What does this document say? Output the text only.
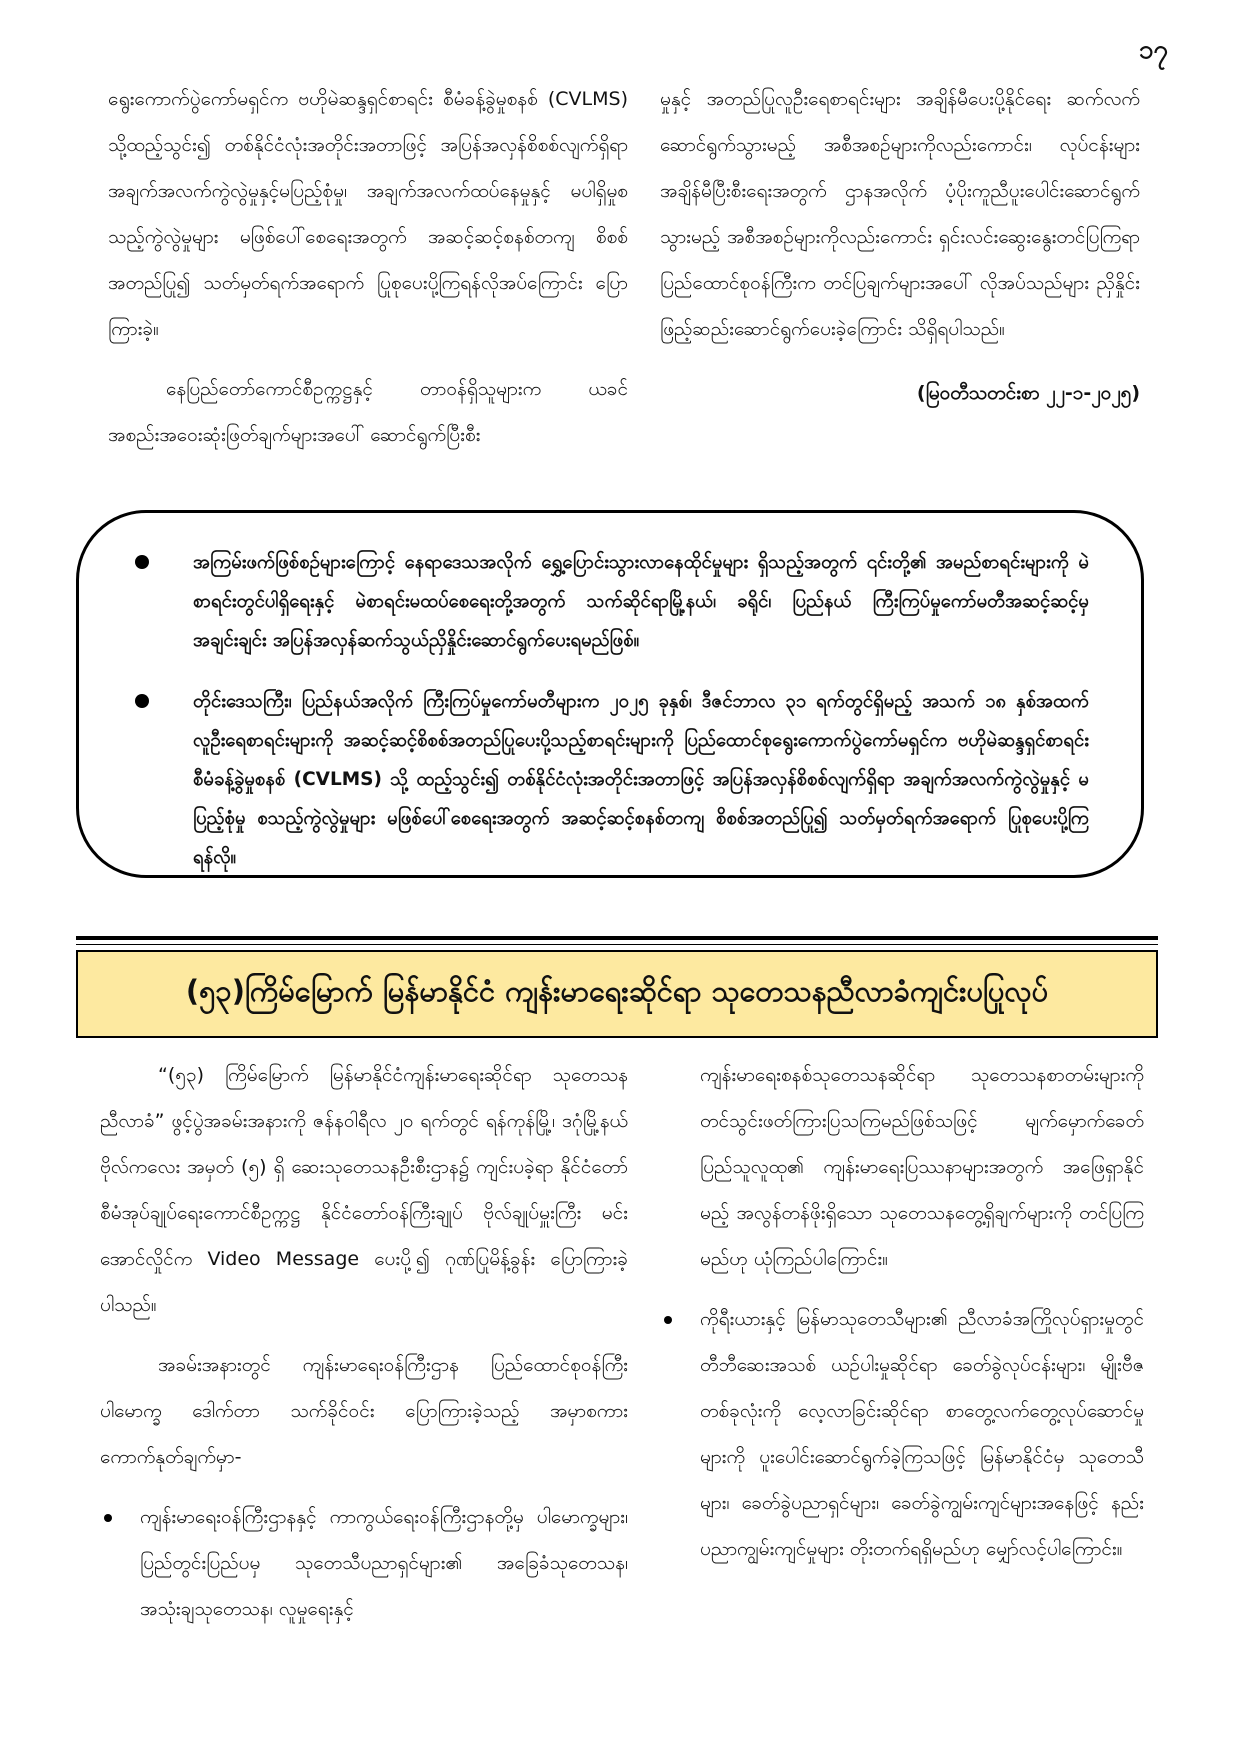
၁၇

ရွေးကောက်ပွဲကော်မရှင်က ဗဟိုမဲဆန္ဒရှင်စာရင်း စီမံခန့်ခွဲမှုစနစ် (CVLMS) သို့ထည့်သွင်း၍ တစ်နိုင်ငံလုံးအတိုင်းအတာဖြင့် အပြန်အလှန်စိစစ်လျက်ရှိရာ အချက်အလက်ကွဲလွဲမှုနှင့်မပြည့်စုံမှု၊ အချက်အလက်ထပ်နေမှုနှင့် မပါရှိမှုစသည့်ကွဲလွဲမှုများ မဖြစ်ပေါ်စေရေးအတွက် အဆင့်ဆင့်စနစ်တကျ စိစစ်အတည်ပြု၍ သတ်မှတ်ရက်အရောက် ပြုစုပေးပို့ကြရန်လိုအပ်ကြောင်း ပြောကြားခဲ့။

နေပြည်တော်ကောင်စီဥက္ကဋ္ဌနှင့် တာဝန်ရှိသူများက ယခင်အစည်းအဝေးဆုံးဖြတ်ချက်များအပေါ် ဆောင်ရွက်ပြီးစီး

မှုနှင့် အတည်ပြုလူဦးရေစာရင်းများ အချိန်မီပေးပို့နိုင်ရေး ဆက်လက်ဆောင်ရွက်သွားမည့် အစီအစဉ်များကိုလည်းကောင်း၊ လုပ်ငန်းများအချိန်မီပြီးစီးရေးအတွက် ဌာနအလိုက် ပံ့ပိုးကူညီပူးပေါင်းဆောင်ရွက်သွားမည့် အစီအစဉ်များကိုလည်းကောင်း ရှင်းလင်းဆွေးနွေးတင်ပြကြရာ ပြည်ထောင်စုဝန်ကြီးက တင်ပြချက်များအပေါ် လိုအပ်သည်များ ညှိနှိုင်းဖြည့်ဆည်းဆောင်ရွက်ပေးခဲ့ကြောင်း သိရှိရပါသည်။

(မြဝတီသတင်းစာ ၂၂-၁-၂၀၂၅)

အကြမ်းဖက်ဖြစ်စဉ်များကြောင့် နေရာဒေသအလိုက် ရွှေ့ပြောင်းသွားလာနေထိုင်မှုများ ရှိသည့်အတွက် ၎င်းတို့၏ အမည်စာရင်းများကို မဲစာရင်းတွင်ပါရှိရေးနှင့် မဲစာရင်းမထပ်စေရေးတို့အတွက် သက်ဆိုင်ရာမြို့နယ်၊ ခရိုင်၊ ပြည်နယ် ကြီးကြပ်မှုကော်မတီအဆင့်ဆင့်မှ အချင်းချင်း အပြန်အလှန်ဆက်သွယ်ညှိနှိုင်းဆောင်ရွက်ပေးရမည်ဖြစ်။
တိုင်းဒေသကြီး၊ ပြည်နယ်အလိုက် ကြီးကြပ်မှုကော်မတီများက ၂၀၂၅ ခုနှစ်၊ ဒီဇင်ဘာလ ၃၁ ရက်တွင်ရှိမည့် အသက် ၁၈ နှစ်အထက် လူဦးရေစာရင်းများကို အဆင့်ဆင့်စိစစ်အတည်ပြုပေးပို့သည့်စာရင်းများကို ပြည်ထောင်စုရွေးကောက်ပွဲကော်မရှင်က ဗဟိုမဲဆန္ဒရှင်စာရင်း စီမံခန့်ခွဲမှုစနစ် (CVLMS) သို့ ထည့်သွင်း၍ တစ်နိုင်ငံလုံးအတိုင်းအတာဖြင့် အပြန်အလှန်စိစစ်လျက်ရှိရာ အချက်အလက်ကွဲလွဲမှုနှင့် မပြည့်စုံမှု စသည့်ကွဲလွဲမှုများ မဖြစ်ပေါ်စေရေးအတွက် အဆင့်ဆင့်စနစ်တကျ စိစစ်အတည်ပြု၍ သတ်မှတ်ရက်အရောက် ပြုစုပေးပို့ကြရန်လို။
(၅၃)ကြိမ်မြောက် မြန်မာနိုင်ငံ ကျန်းမာရေးဆိုင်ရာ သုတေသနညီလာခံကျင်းပပြုလုပ်

“(၅၃) ကြိမ်မြောက် မြန်မာနိုင်ငံကျန်းမာရေးဆိုင်ရာ သုတေသနညီလာခံ” ဖွင့်ပွဲအခမ်းအနားကို ဇန်နဝါရီလ ၂၀ ရက်တွင် ရန်ကုန်မြို့၊ ဒဂုံမြို့နယ် ဗိုလ်ကလေး အမှတ် (၅) ရှိ ဆေးသုတေသနဦးစီးဌာန၌ ကျင်းပခဲ့ရာ နိုင်ငံတော်စီမံအုပ်ချုပ်ရေးကောင်စီဥက္ကဋ္ဌ နိုင်ငံတော်ဝန်ကြီးချုပ် ဗိုလ်ချုပ်မှူးကြီး မင်းအောင်လှိုင်က Video Message ပေးပို့၍ ဂုဏ်ပြုမိန့်ခွန်း ပြောကြားခဲ့ပါသည်။

အခမ်းအနားတွင် ကျန်းမာရေးဝန်ကြီးဌာန ပြည်ထောင်စုဝန်ကြီး ပါမောက္ခ ဒေါက်တာ သက်ခိုင်ဝင်း ပြောကြားခဲ့သည့် အမှာစကားကောက်နုတ်ချက်မှာ-

ကျန်းမာရေးဝန်ကြီးဌာနနှင့် ကာကွယ်ရေးဝန်ကြီးဌာနတို့မှ ပါမောက္ခများ၊ ပြည်တွင်းပြည်ပမှ သုတေသီပညာရှင်များ၏ အခြေခံသုတေသန၊ အသုံးချသုတေသန၊ လူမှုရေးနှင့်

ကျန်းမာရေးစနစ်သုတေသနဆိုင်ရာ သုတေသနစာတမ်းများကို တင်သွင်းဖတ်ကြားပြသကြမည်ဖြစ်သဖြင့် မျက်မှောက်ခေတ် ပြည်သူလူထု၏ ကျန်းမာရေးပြဿနာများအတွက် အဖြေရှာနိုင်မည့် အလွန်တန်ဖိုးရှိသော သုတေသနတွေ့ရှိချက်များကို တင်ပြကြမည်ဟု ယုံကြည်ပါကြောင်း။

ကိုရီးယားနှင့် မြန်မာသုတေသီများ၏ ညီလာခံအကြိုလုပ်ရှားမှုတွင် တီဘီဆေးအသစ် ယဉ်ပါးမှုဆိုင်ရာ ခေတ်ခွဲလုပ်ငန်းများ၊ မျိုးဗီဇတစ်ခုလုံးကို လေ့လာခြင်းဆိုင်ရာ စာတွေ့လက်တွေ့လုပ်ဆောင်မှုများကို ပူးပေါင်းဆောင်ရွက်ခဲ့ကြသဖြင့် မြန်မာနိုင်ငံမှ သုတေသီများ၊ ခေတ်ခွဲပညာရှင်များ၊ ခေတ်ခွဲကျွမ်းကျင်များအနေဖြင့် နည်းပညာကျွမ်းကျင်မှုများ တိုးတက်ရရှိမည်ဟု မျှော်လင့်ပါကြောင်း။
